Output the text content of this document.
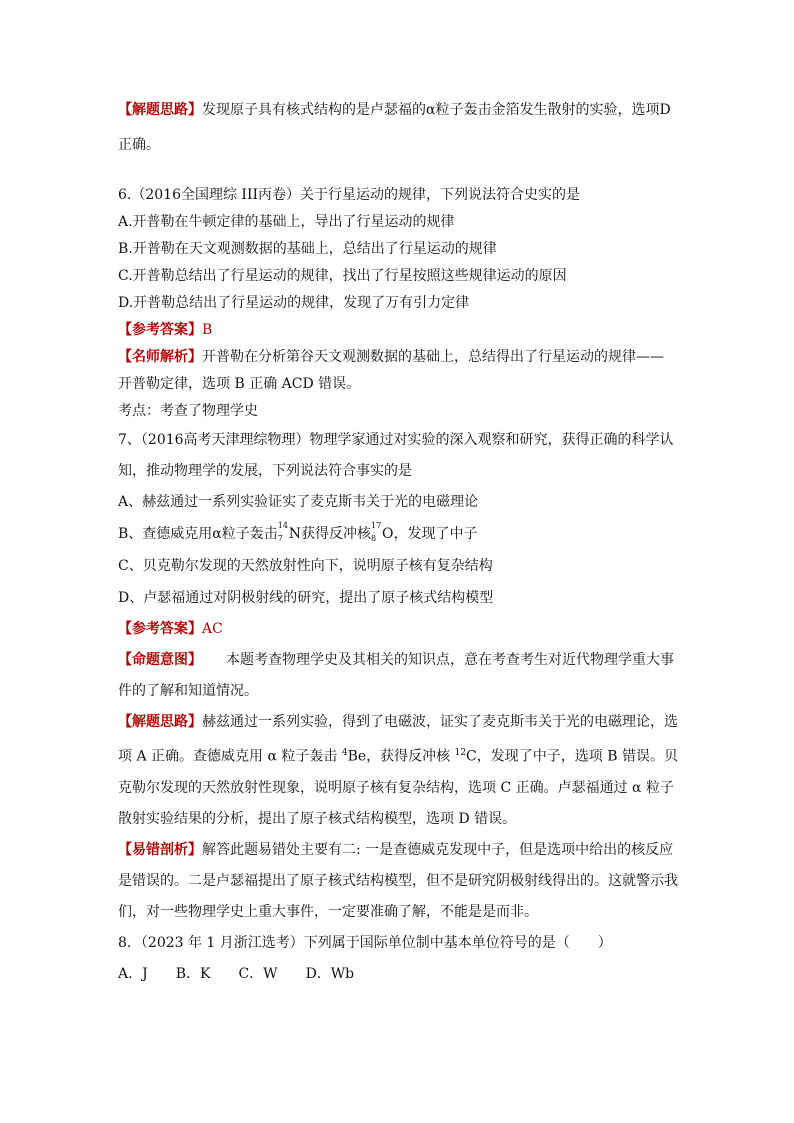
【解题思路】发现原子具有核式结构的是卢瑟福的α粒子轰击金箔发生散射的实验，选项D

正确。

6.（2016全国理综 III丙卷）关于行星运动的规律，下列说法符合史实的是

A.开普勒在牛顿定律的基础上，导出了行星运动的规律

B.开普勒在天文观测数据的基础上，总结出了行星运动的规律

C.开普勒总结出了行星运动的规律，找出了行星按照这些规律运动的原因

D.开普勒总结出了行星运动的规律，发现了万有引力定律

【参考答案】B

【名师解析】开普勒在分析第谷天文观测数据的基础上，总结得出了行星运动的规律——

开普勒定律，选项 B 正确 ACD 错误。

考点：考查了物理学史

7、（2016高考天津理综物理）物理学家通过对实验的深入观察和研究，获得正确的科学认

知，推动物理学的发展，下列说法符合事实的是

A、赫兹通过一系列实验证实了麦克斯韦关于光的电磁理论

B、查德威克用α粒子轰击
14
7 N获得反冲核
17
8 O，发现了中子

C、贝克勒尔发现的天然放射性向下，说明原子核有复杂结构

D、卢瑟福通过对阴极射线的研究，提出了原子核式结构模型

【参考答案】AC

【命题意图】 本题考查物理学史及其相关的知识点，意在考查考生对近代物理学重大事

件的了解和知道情况。

【解题思路】赫兹通过一系列实验，得到了电磁波，证实了麦克斯韦关于光的电磁理论，选

项 A 正确。查德威克用 α 粒子轰击 $^4$Be，获得反冲核 $^{12}$C，发现了中子，选项 B 错误。贝

克勒尔发现的天然放射性现象，说明原子核有复杂结构，选项 C 正确。卢瑟福通过 α 粒子

散射实验结果的分析，提出了原子核式结构模型，选项 D 错误。

【易错剖析】解答此题易错处主要有二: 一是查德威克发现中子，但是选项中给出的核反应

是错误的。二是卢瑟福提出了原子核式结构模型，但不是研究阴极射线得出的。这就警示我

们，对一些物理学史上重大事件，一定要准确了解，不能是是而非。

8．（2023 年 1 月浙江选考）下列属于国际单位制中基本单位符号的是（　　）

A．J　　B．K　　C．W　　D．Wb
